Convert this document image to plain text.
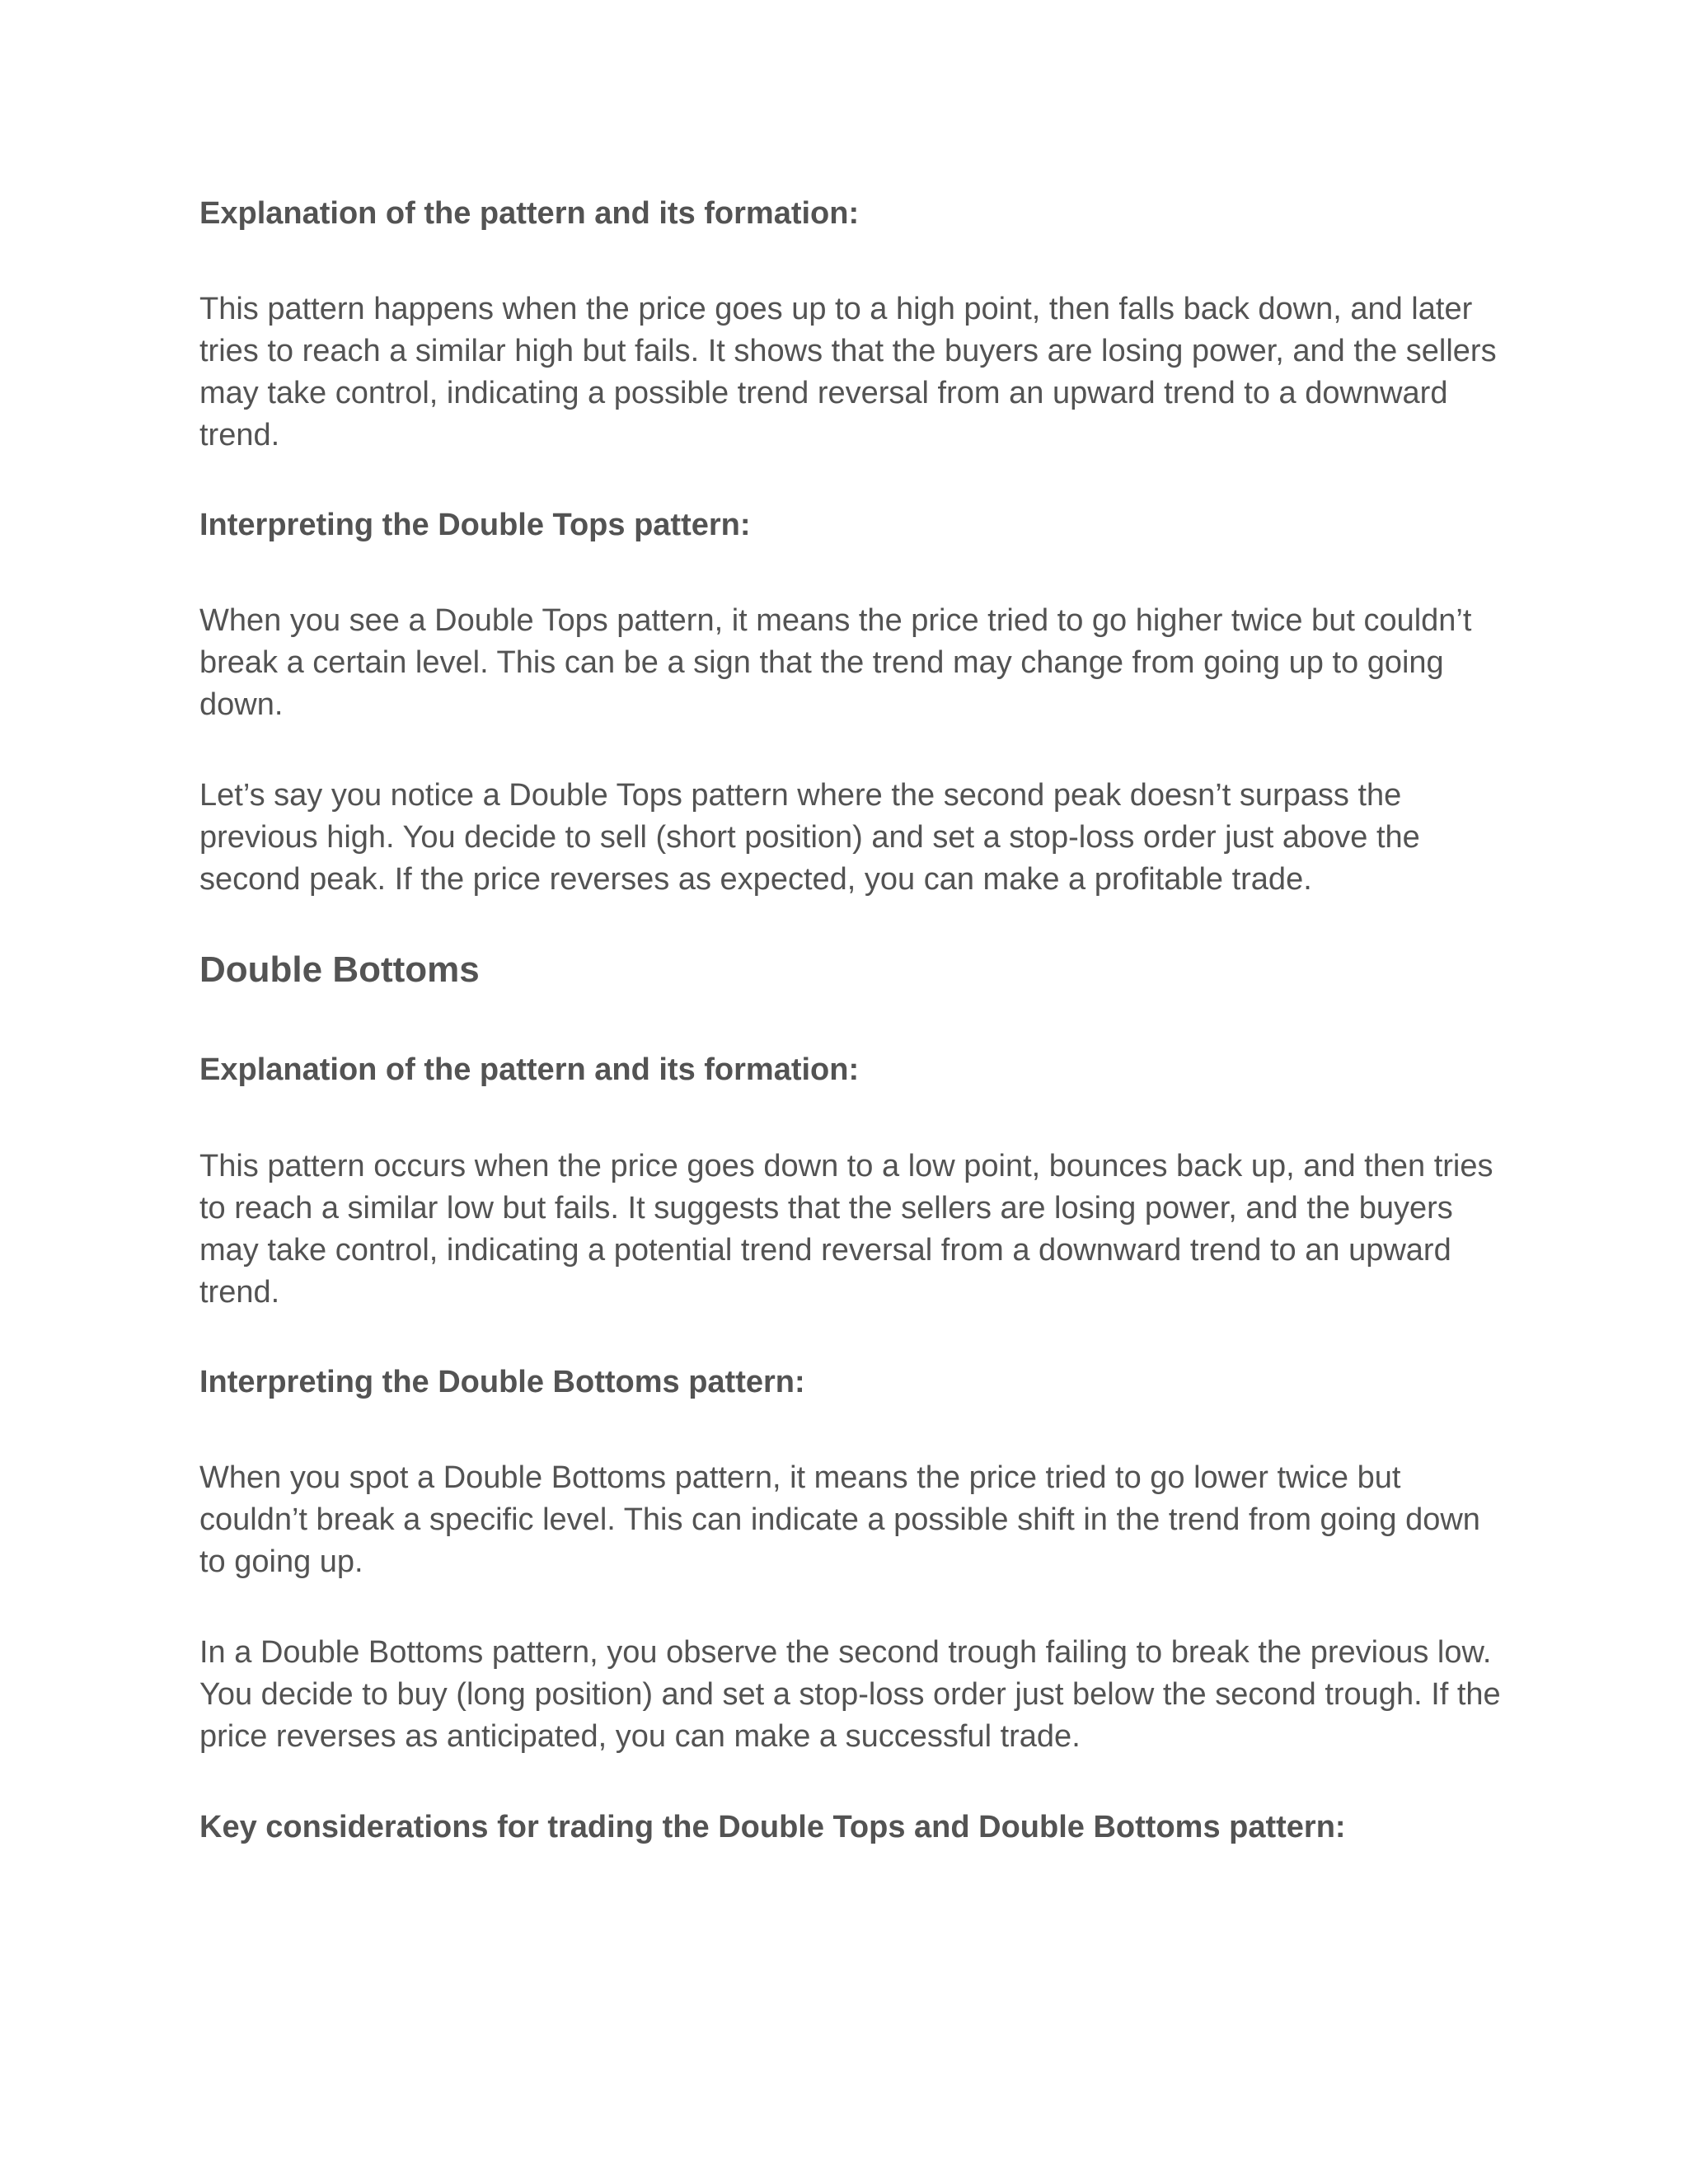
Explanation of the pattern and its formation:

This pattern happens when the price goes up to a high point, then falls back down, and later tries to reach a similar high but fails. It shows that the buyers are losing power, and the sellers may take control, indicating a possible trend reversal from an upward trend to a downward trend.

Interpreting the Double Tops pattern:

When you see a Double Tops pattern, it means the price tried to go higher twice but couldn’t break a certain level. This can be a sign that the trend may change from going up to going down.

Let’s say you notice a Double Tops pattern where the second peak doesn’t surpass the previous high. You decide to sell (short position) and set a stop-loss order just above the second peak. If the price reverses as expected, you can make a profitable trade.

Double Bottoms
Explanation of the pattern and its formation:

This pattern occurs when the price goes down to a low point, bounces back up, and then tries to reach a similar low but fails. It suggests that the sellers are losing power, and the buyers may take control, indicating a potential trend reversal from a downward trend to an upward trend.

Interpreting the Double Bottoms pattern:

When you spot a Double Bottoms pattern, it means the price tried to go lower twice but couldn’t break a specific level. This can indicate a possible shift in the trend from going down to going up.

In a Double Bottoms pattern, you observe the second trough failing to break the previous low. You decide to buy (long position) and set a stop-loss order just below the second trough. If the price reverses as anticipated, you can make a successful trade.

Key considerations for trading the Double Tops and Double Bottoms pattern:
